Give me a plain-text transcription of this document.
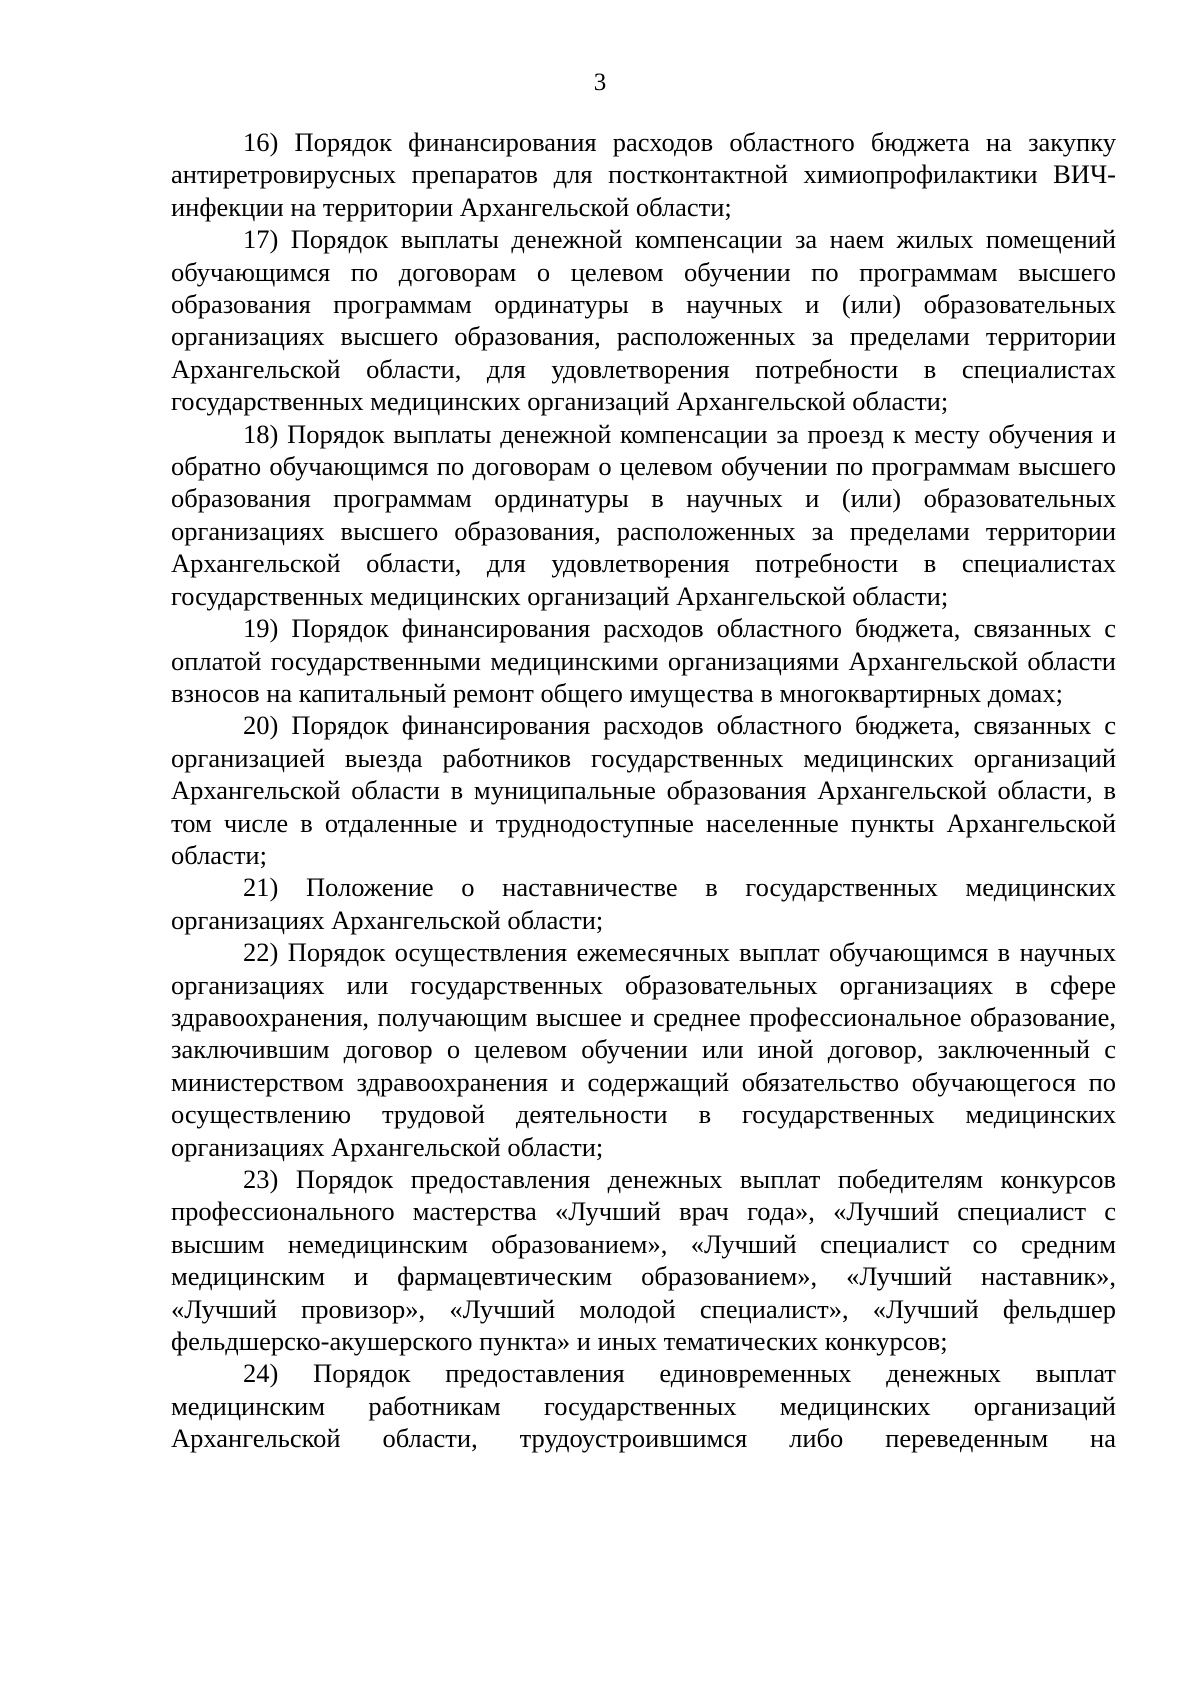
3

16) Порядок финансирования расходов областного бюджета на закупку антиретровирусных препаратов для постконтактной химиопрофилактики ВИЧ-инфекции на территории Архангельской области;

17) Порядок выплаты денежной компенсации за наем жилых помещений обучающимся по договорам о целевом обучении по программам высшего образования программам ординатуры в научных и (или) образовательных организациях высшего образования, расположенных за пределами территории Архангельской области, для удовлетворения потребности в специалистах государственных медицинских организаций Архангельской области;

18) Порядок выплаты денежной компенсации за проезд к месту обучения и обратно обучающимся по договорам о целевом обучении по программам высшего образования программам ординатуры в научных и (или) образовательных организациях высшего образования, расположенных за пределами территории Архангельской области, для удовлетворения потребности в специалистах государственных медицинских организаций Архангельской области;

19) Порядок финансирования расходов областного бюджета, связанных с оплатой государственными медицинскими организациями Архангельской области взносов на капитальный ремонт общего имущества в многоквартирных домах;

20) Порядок финансирования расходов областного бюджета, связанных с организацией выезда работников государственных медицинских организаций Архангельской области в муниципальные образования Архангельской области, в том числе в отдаленные и труднодоступные населенные пункты Архангельской области;

21) Положение о наставничестве в государственных медицинских организациях Архангельской области;

22) Порядок осуществления ежемесячных выплат обучающимся в научных организациях или государственных образовательных организациях в сфере здравоохранения, получающим высшее и среднее профессиональное образование, заключившим договор о целевом обучении или иной договор, заключенный с министерством здравоохранения и содержащий обязательство обучающегося по осуществлению трудовой деятельности в государственных медицинских организациях Архангельской области;

23) Порядок предоставления денежных выплат победителям конкурсов профессионального мастерства «Лучший врач года», «Лучший специалист с высшим немедицинским образованием», «Лучший специалист со средним медицинским и фармацевтическим образованием», «Лучший наставник», «Лучший провизор», «Лучший молодой специалист», «Лучший фельдшер фельдшерско-акушерского пункта» и иных тематических конкурсов;

24) Порядок предоставления единовременных денежных выплат медицинским работникам государственных медицинских организаций Архангельской области, трудоустроившимся либо переведенным на
